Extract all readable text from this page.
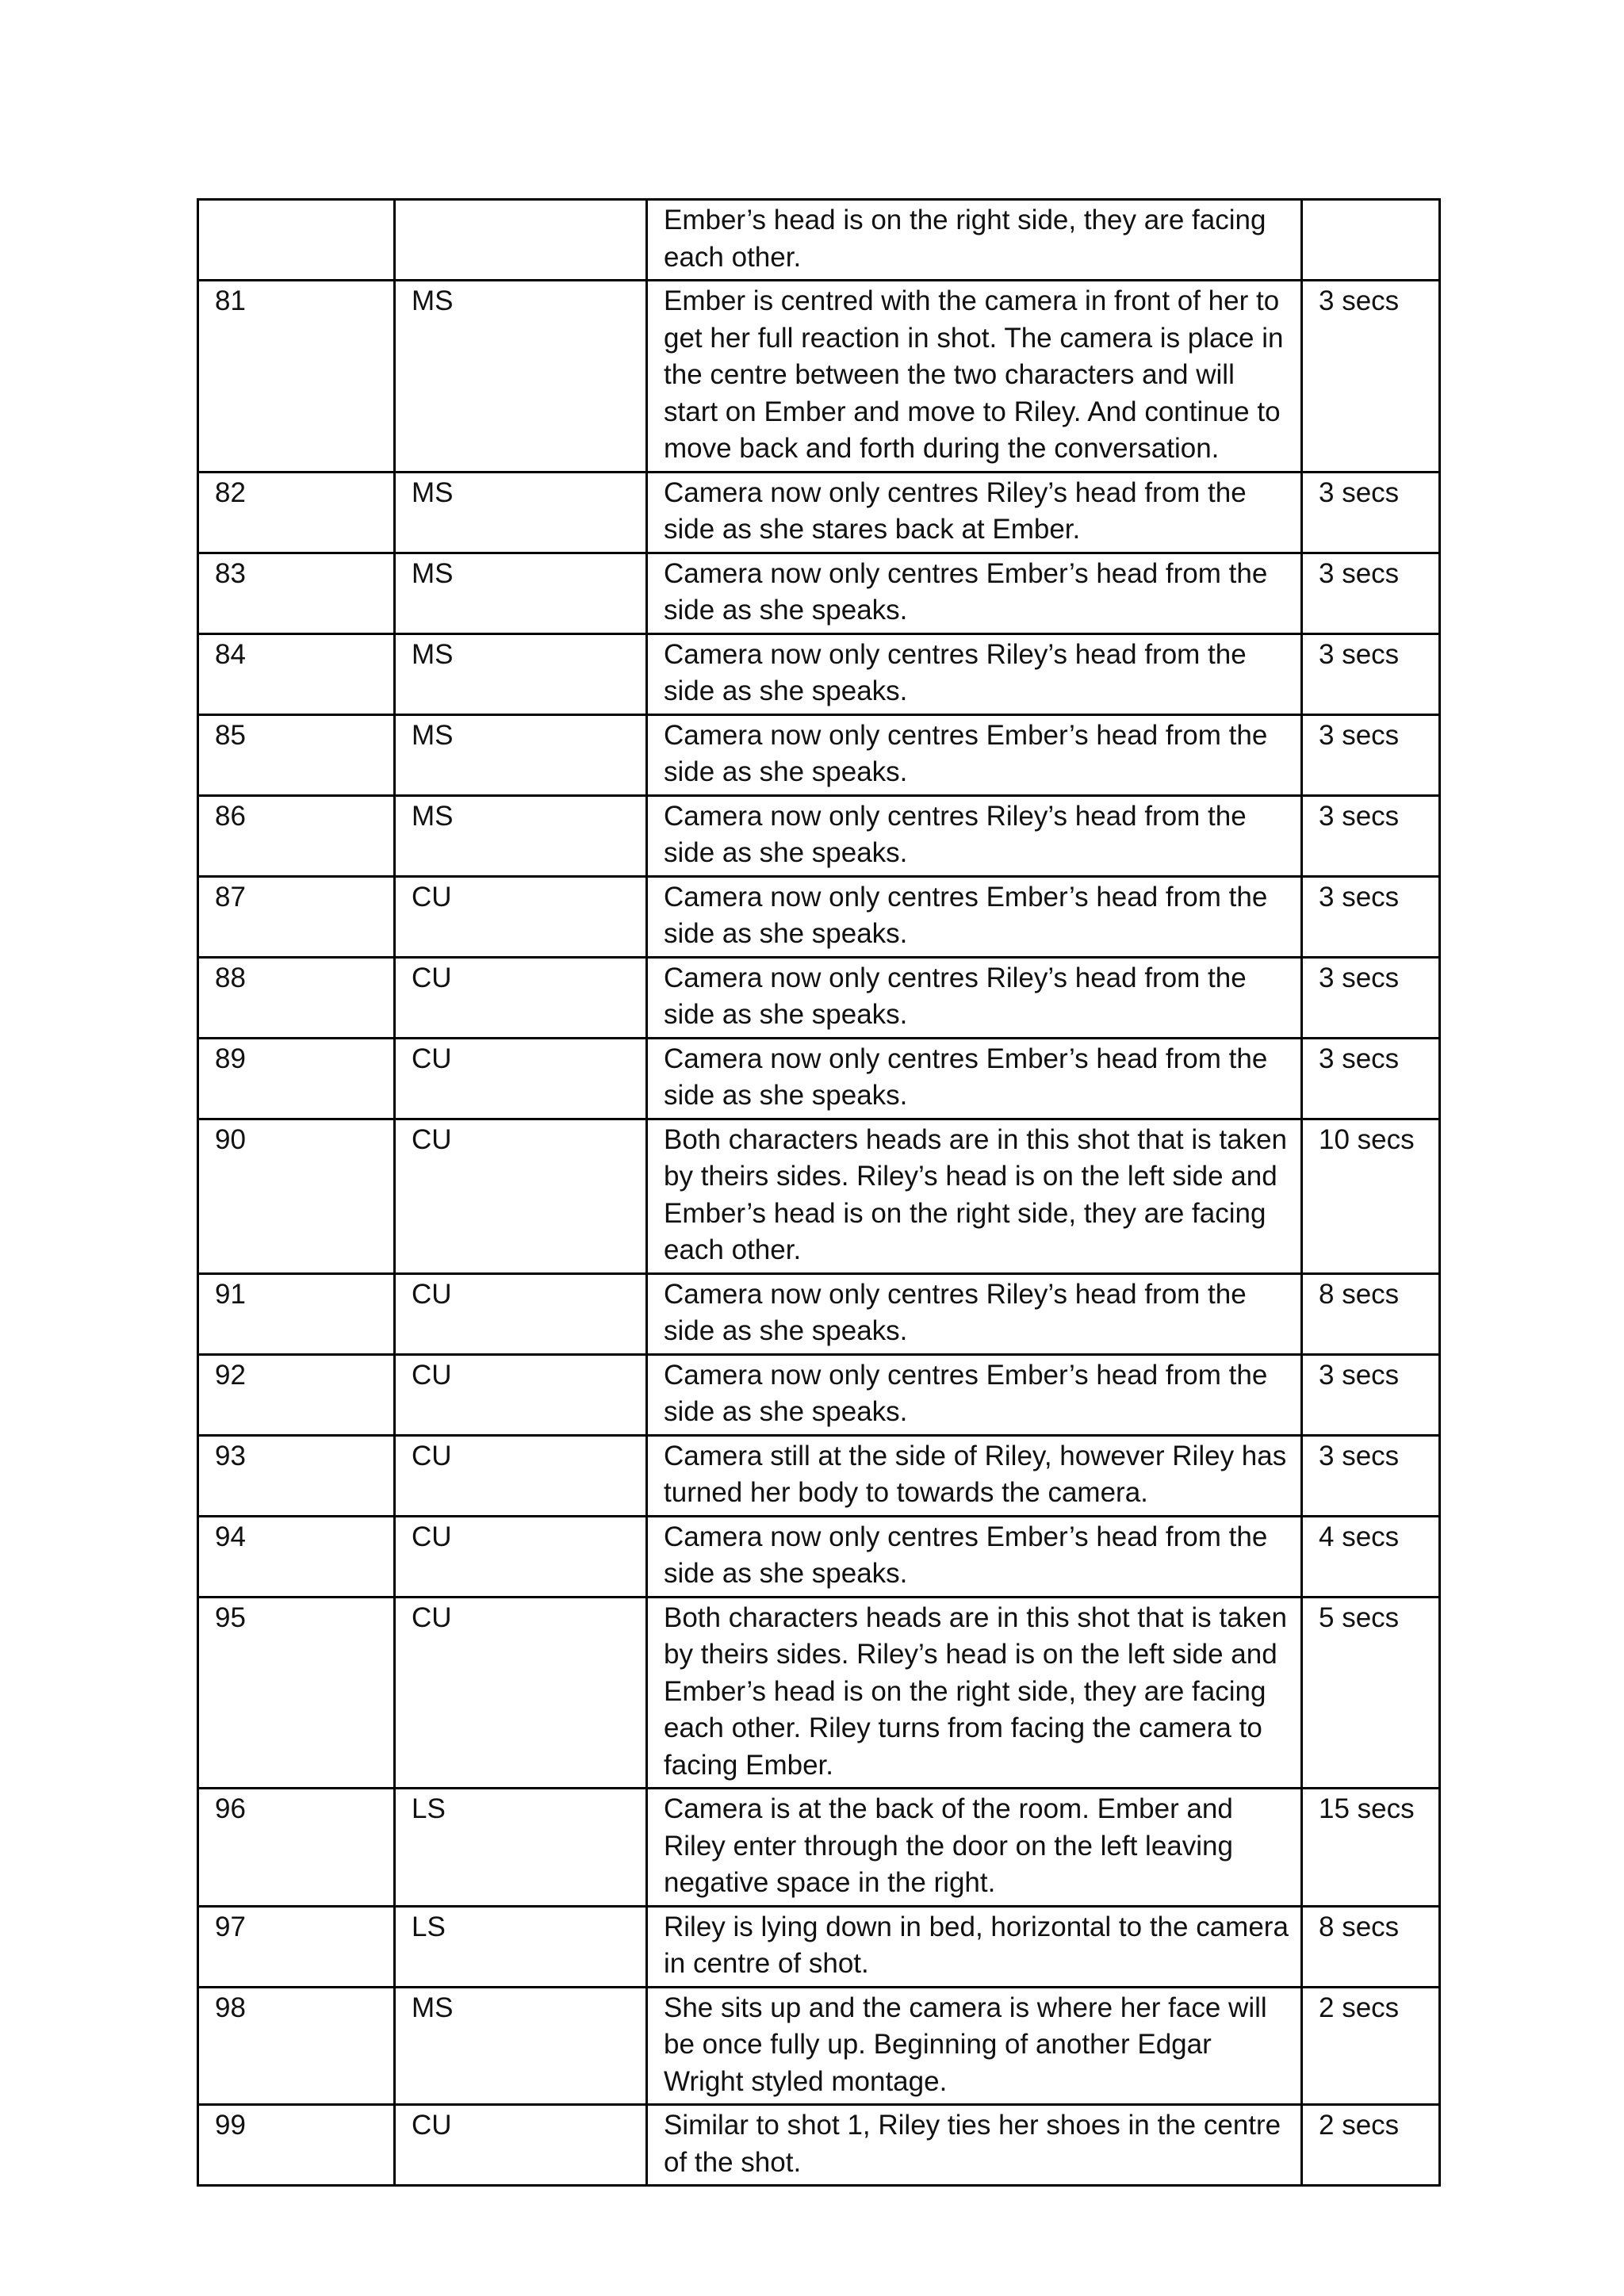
		Ember’s head is on the right side, they are facing each other.	
81	MS	Ember is centred with the camera in front of her to get her full reaction in shot. The camera is place in the centre between the two characters and will start on Ember and move to Riley. And continue to move back and forth during the conversation.	3 secs
82	MS	Camera now only centres Riley’s head from the side as she stares back at Ember.	3 secs
83	MS	Camera now only centres Ember’s head from the side as she speaks.	3 secs
84	MS	Camera now only centres Riley’s head from the side as she speaks.	3 secs
85	MS	Camera now only centres Ember’s head from the side as she speaks.	3 secs
86	MS	Camera now only centres Riley’s head from the side as she speaks.	3 secs
87	CU	Camera now only centres Ember’s head from the side as she speaks.	3 secs
88	CU	Camera now only centres Riley’s head from the side as she speaks.	3 secs
89	CU	Camera now only centres Ember’s head from the side as she speaks.	3 secs
90	CU	Both characters heads are in this shot that is taken by theirs sides. Riley’s head is on the left side and Ember’s head is on the right side, they are facing each other.	10 secs
91	CU	Camera now only centres Riley’s head from the side as she speaks.	8 secs
92	CU	Camera now only centres Ember’s head from the side as she speaks.	3 secs
93	CU	Camera still at the side of Riley, however Riley has turned her body to towards the camera.	3 secs
94	CU	Camera now only centres Ember’s head from the side as she speaks.	4 secs
95	CU	Both characters heads are in this shot that is taken by theirs sides. Riley’s head is on the left side and Ember’s head is on the right side, they are facing each other. Riley turns from facing the camera to facing Ember.	5 secs
96	LS	Camera is at the back of the room. Ember and Riley enter through the door on the left leaving negative space in the right.	15 secs
97	LS	Riley is lying down in bed, horizontal to the camera in centre of shot.	8 secs
98	MS	She sits up and the camera is where her face will be once fully up. Beginning of another Edgar Wright styled montage.	2 secs
99	CU	Similar to shot 1, Riley ties her shoes in the centre of the shot.	2 secs
